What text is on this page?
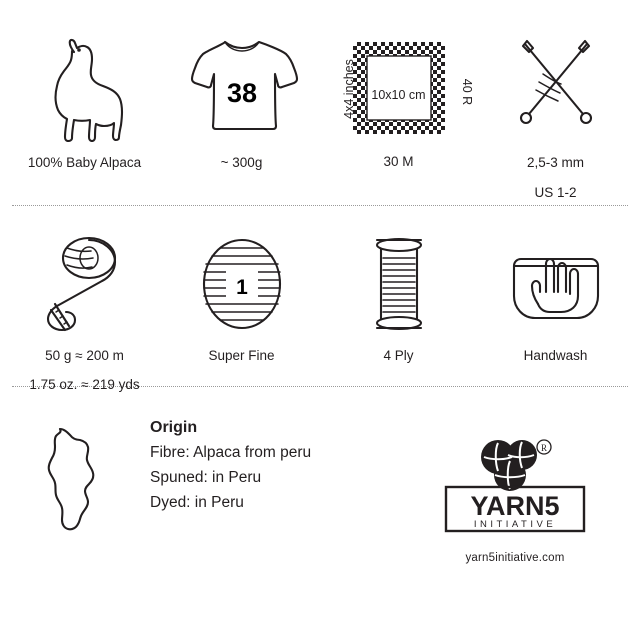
100% Baby Alpaca
38
~ 300g
4x4 inches	40 R
10x10 cm
30 M	2,5-3 mm
US 1-2
50 g ≈ 200 m
1.75 oz. ≈ 219 yds
1
Super Fine	4 Ply	Handwash
Origin
Fibre: Alpaca from peru
Spuned: in Peru
Dyed: in Peru
R
YARN5
INITIATIVE
yarn5initiative.com
